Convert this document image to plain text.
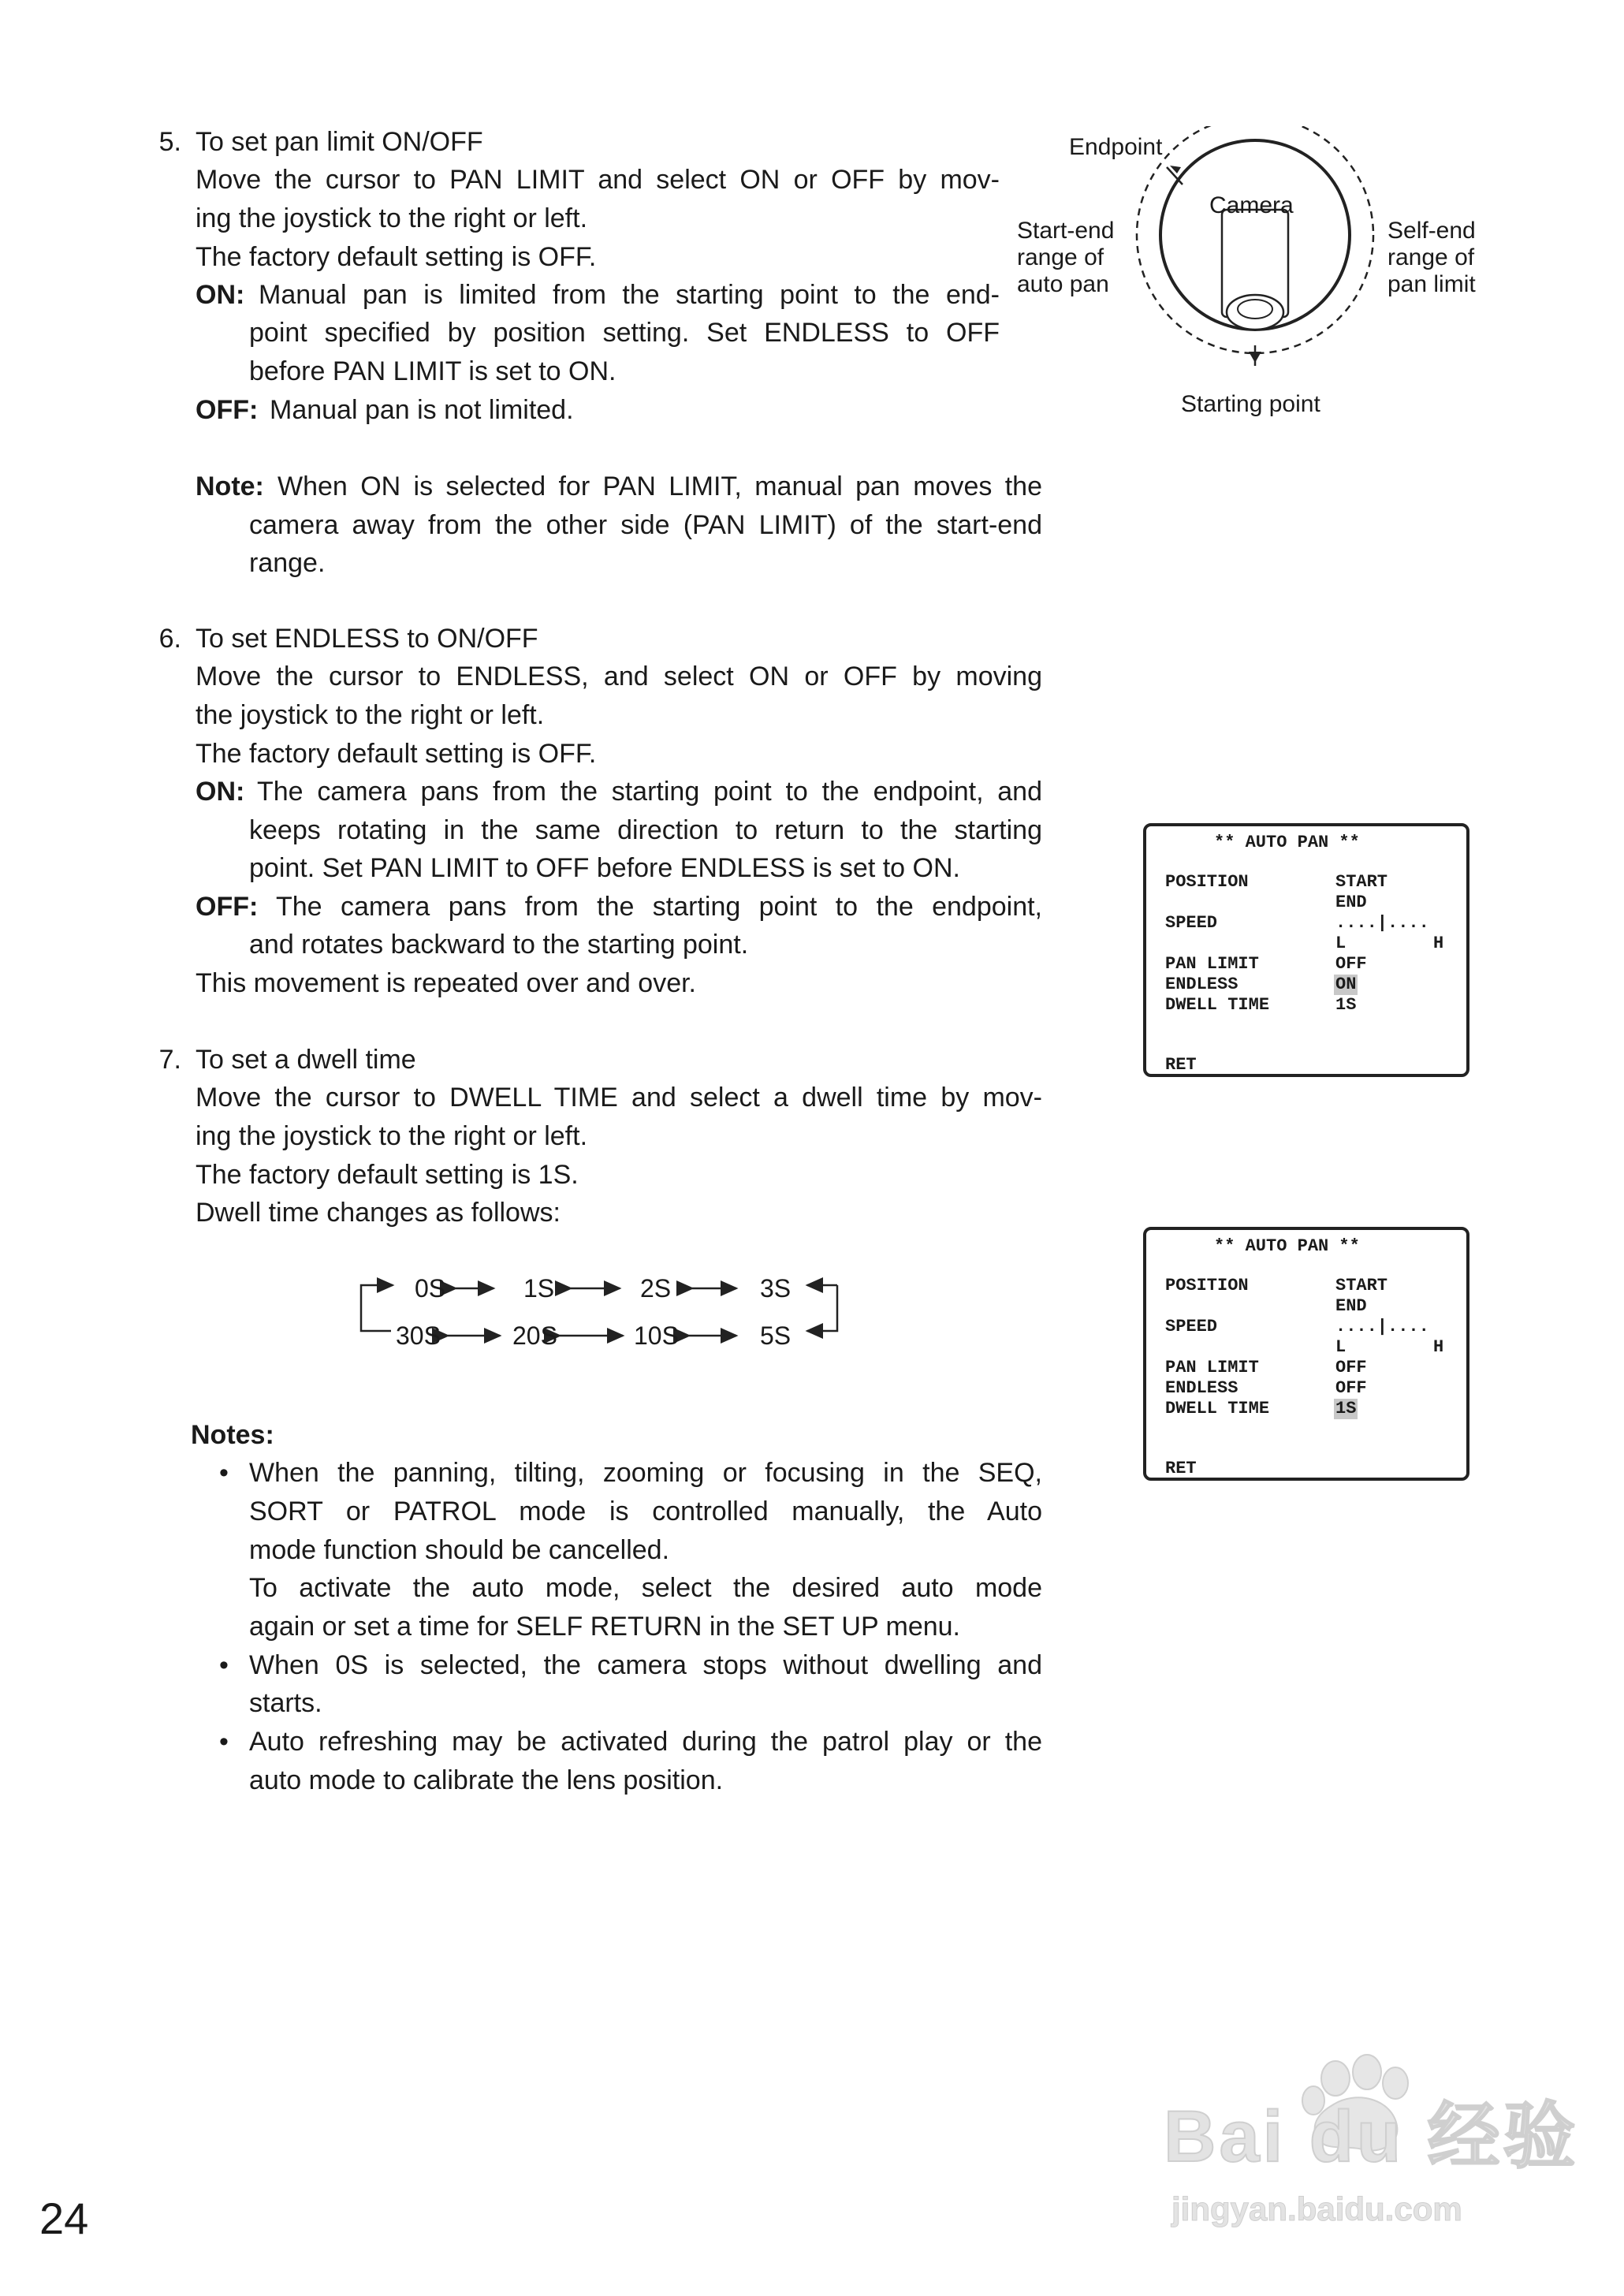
5. To set pan limit ON/OFF
Move the cursor to PAN LIMIT and select ON or OFF by mov-
ing the joystick to the right or left.
The factory default setting is OFF.
ON: Manual pan is limited from the starting point to the end-
point specified by position setting. Set ENDLESS to OFF
before PAN LIMIT is set to ON.
OFF: Manual pan is not limited.
Note: When ON is selected for PAN LIMIT, manual pan moves the
camera away from the other side (PAN LIMIT) of the start-end
range.
Endpoint
Camera
Start-end
range of
auto pan
Self-end
range of
pan limit
Starting point
6. To set ENDLESS to ON/OFF
Move the cursor to ENDLESS, and select ON or OFF by moving
the joystick to the right or left.
The factory default setting is OFF.
ON: The camera pans from the starting point to the endpoint, and
keeps rotating in the same direction to return to the starting
point. Set PAN LIMIT to OFF before ENDLESS is set to ON.
OFF: The camera pans from the starting point to the endpoint,
and rotates backward to the starting point.
This movement is repeated over and over.
** AUTO PAN **
POSITION	START
END
SPEED	....|....
L	H
PAN LIMIT	OFF
ENDLESS	ON
DWELL TIME	1S
RET
7. To set a dwell time
Move the cursor to DWELL TIME and select a dwell time by mov-
ing the joystick to the right or left.
The factory default setting is 1S.
Dwell time changes as follows:
0S	1S	2S	3S
30S	20S	10S	5S
** AUTO PAN **
POSITION	START
END
SPEED	....|....
L	H
PAN LIMIT	OFF
ENDLESS	OFF
DWELL TIME	1S
RET
Notes:
• When the panning, tilting, zooming or focusing in the SEQ,
SORT or PATROL mode is controlled manually, the Auto
mode function should be cancelled.
To activate the auto mode, select the desired auto mode
again or set a time for SELF RETURN in the SET UP menu.
• When 0S is selected, the camera stops without dwelling and
starts.
• Auto refreshing may be activated during the patrol play or the
auto mode to calibrate the lens position.
24
Bai du 经验
jingyan.baidu.com
